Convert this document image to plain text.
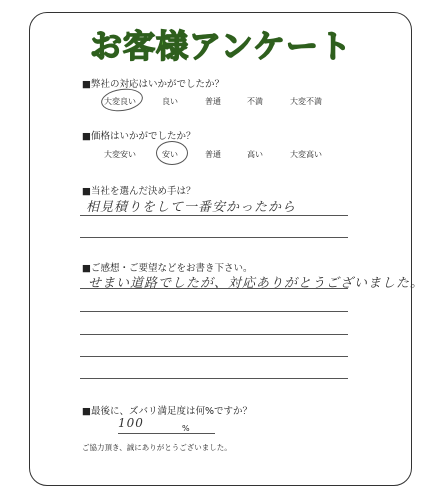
お客様アンケート
■弊社の対応はいかがでしたか？
大変良い	良い	普通	不満	大変不満
■価格はいかがでしたか？
大変安い	安い	普通	高い	大変高い
■当社を選んだ決め手は？
相見積りをして一番安かったから
■ご感想・ご要望などをお書き下さい。
せまい道路でしたが、対応ありがとうございました。
■最後に、ズバリ満足度は何%ですか？
100	%
ご協力頂き、誠にありがとうございました。
